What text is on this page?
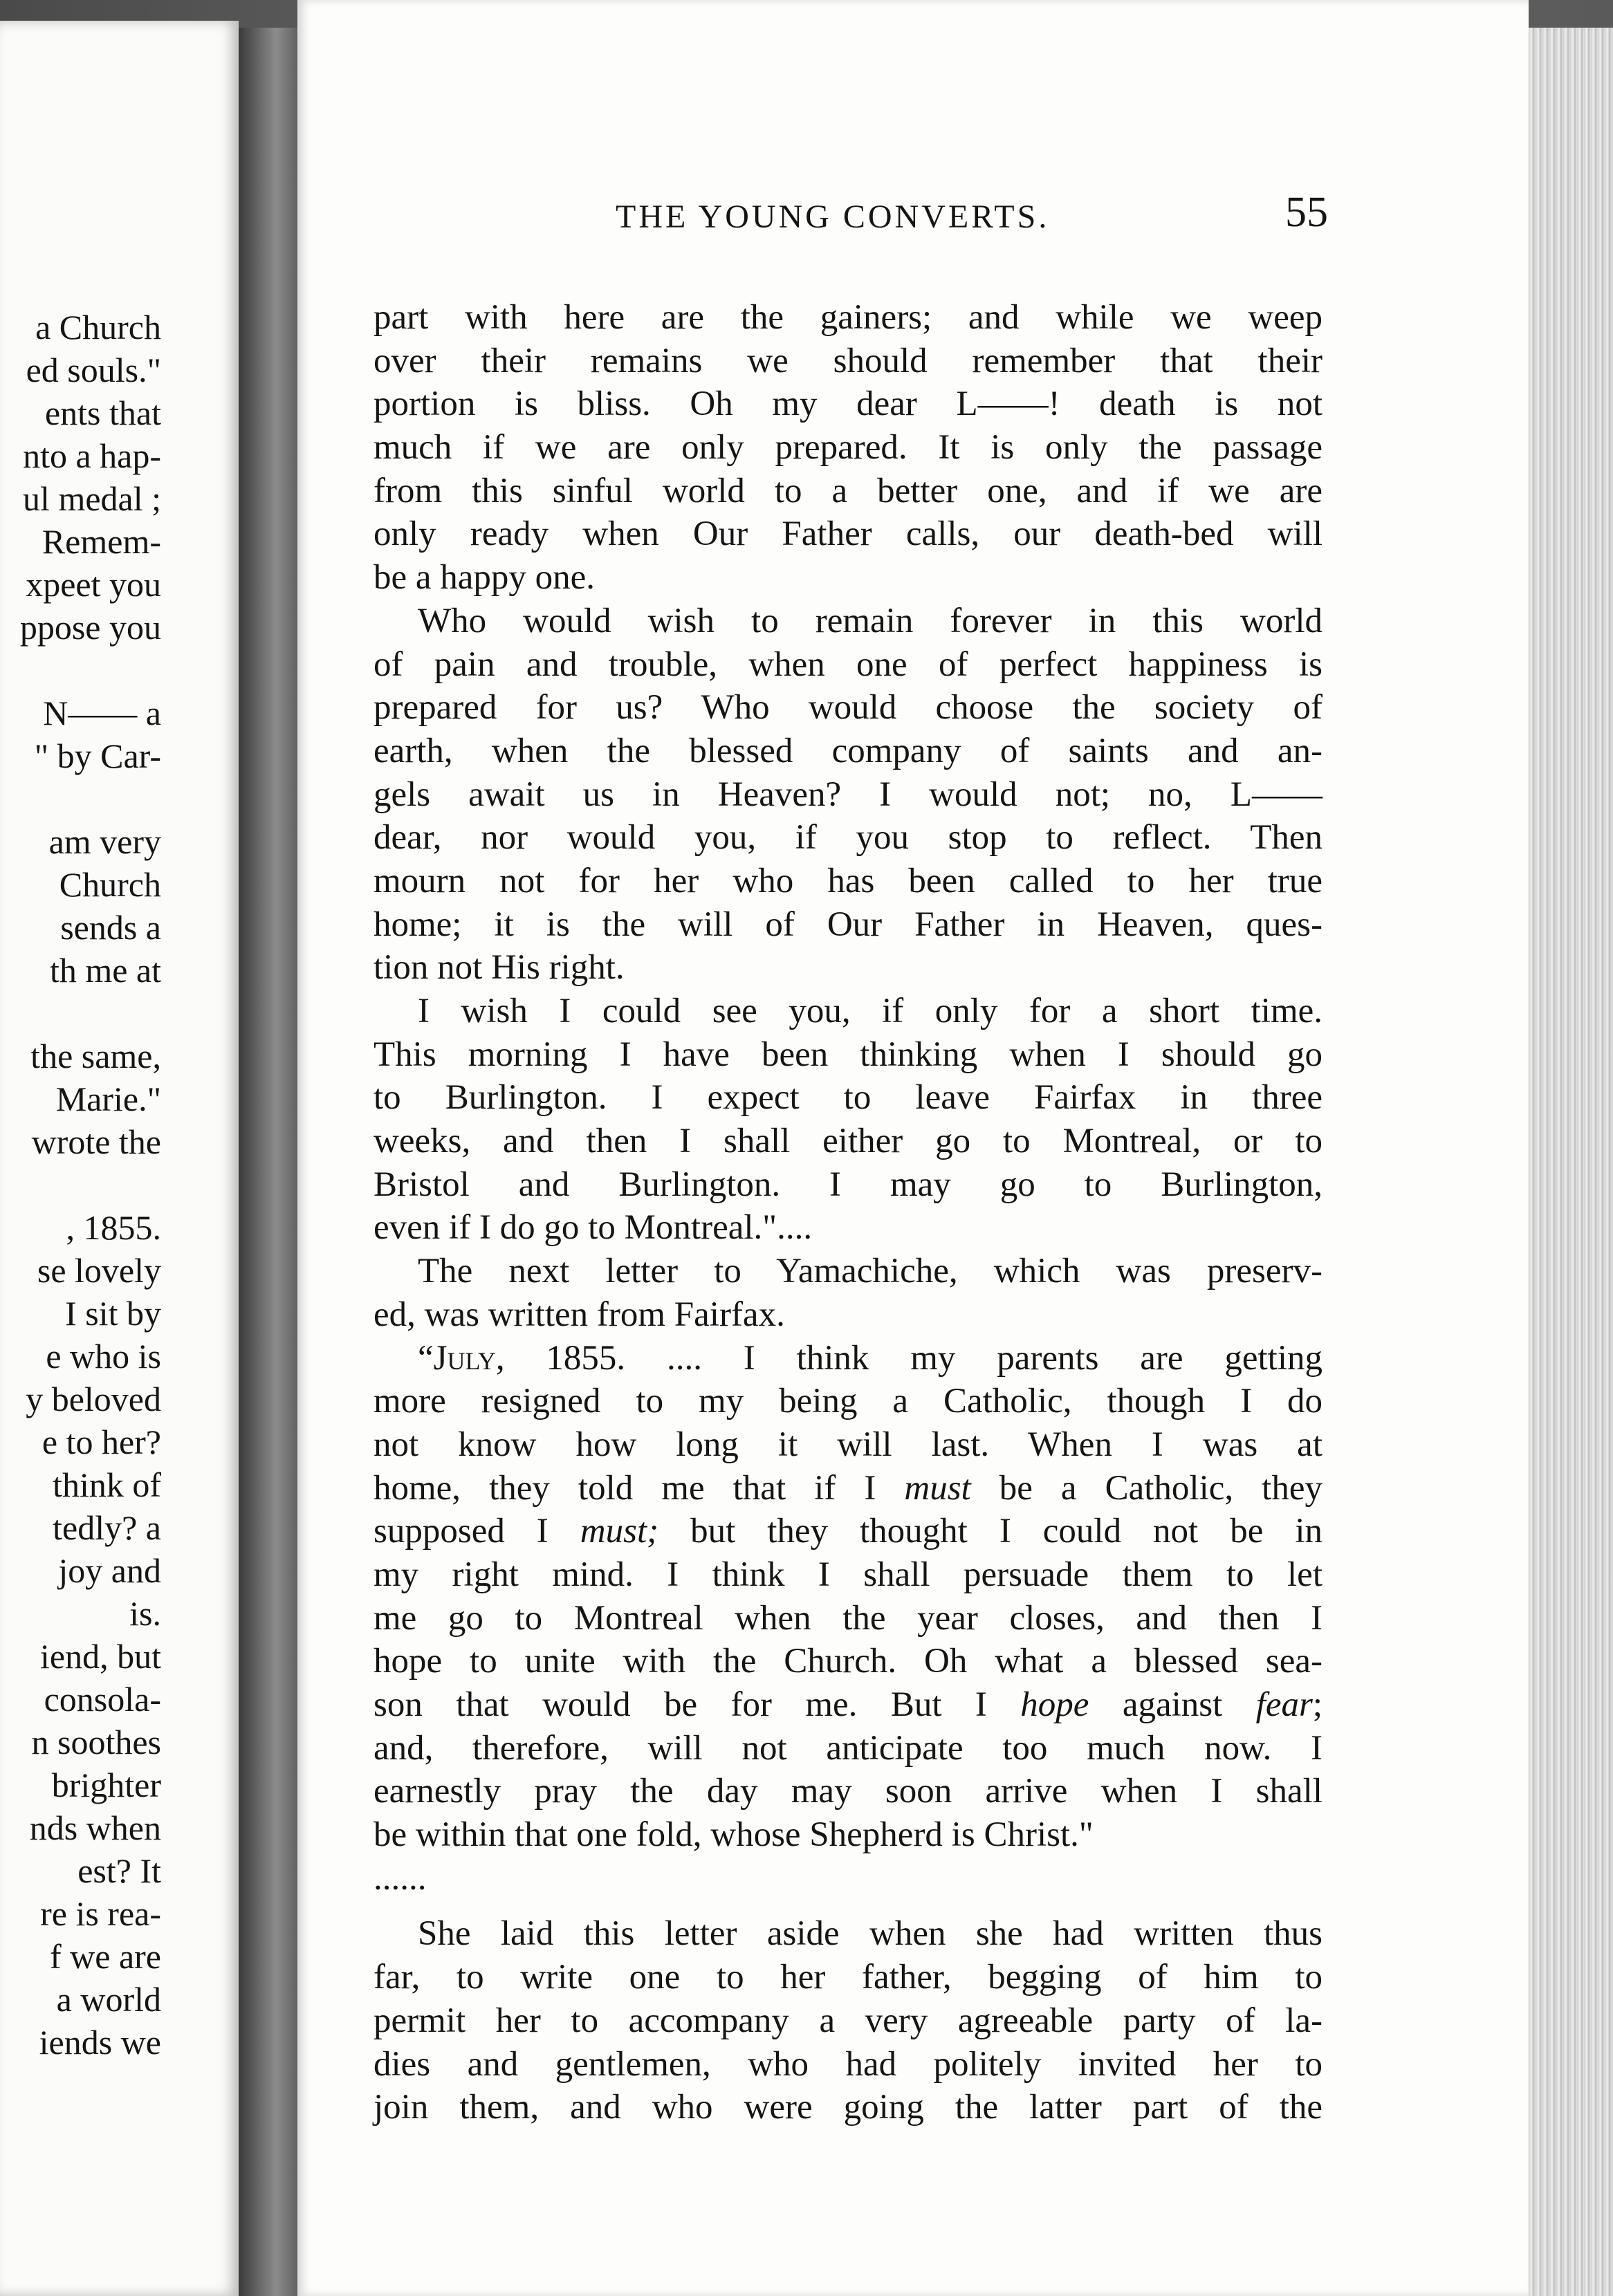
a Church
ed souls."
ents that
nto a hap-
ul medal ;
Remem-
xpeet you
ppose you
N—— a
" by Car-
am very
Church
sends a
th me at
the same,
Marie."
wrote the
, 1855.
se lovely
I sit by
e who is
y beloved
e to her?
think of
tedly? a
joy and
is.
iend, but
consola-
n soothes
brighter
nds when
est? It
re is rea-
f we are
a world
iends we
THE YOUNG CONVERTS.	55
part with here are the gainers; and while we weep
over their remains we should remember that their
portion is bliss. Oh my dear L——! death is not
much if we are only prepared. It is only the passage
from this sinful world to a better one, and if we are
only ready when Our Father calls, our death-bed will
be a happy one.
Who would wish to remain forever in this world
of pain and trouble, when one of perfect happiness is
prepared for us? Who would choose the society of
earth, when the blessed company of saints and an-
gels await us in Heaven? I would not; no, L——
dear, nor would you, if you stop to reflect. Then
mourn not for her who has been called to her true
home; it is the will of Our Father in Heaven, ques-
tion not His right.
I wish I could see you, if only for a short time.
This morning I have been thinking when I should go
to Burlington. I expect to leave Fairfax in three
weeks, and then I shall either go to Montreal, or to
Bristol and Burlington. I may go to Burlington,
even if I do go to Montreal."....
The next letter to Yamachiche, which was preserv-
ed, was written from Fairfax.
“July, 1855. .... I think my parents are getting
more resigned to my being a Catholic, though I do
not know how long it will last. When I was at
home, they told me that if I must be a Catholic, they
supposed I must; but they thought I could not be in
my right mind. I think I shall persuade them to let
me go to Montreal when the year closes, and then I
hope to unite with the Church. Oh what a blessed sea-
son that would be for me. But I hope against fear;
and, therefore, will not anticipate too much now. I
earnestly pray the day may soon arrive when I shall
be within that one fold, whose Shepherd is Christ."
......
She laid this letter aside when she had written thus
far, to write one to her father, begging of him to
permit her to accompany a very agreeable party of la-
dies and gentlemen, who had politely invited her to
join them, and who were going the latter part of the
